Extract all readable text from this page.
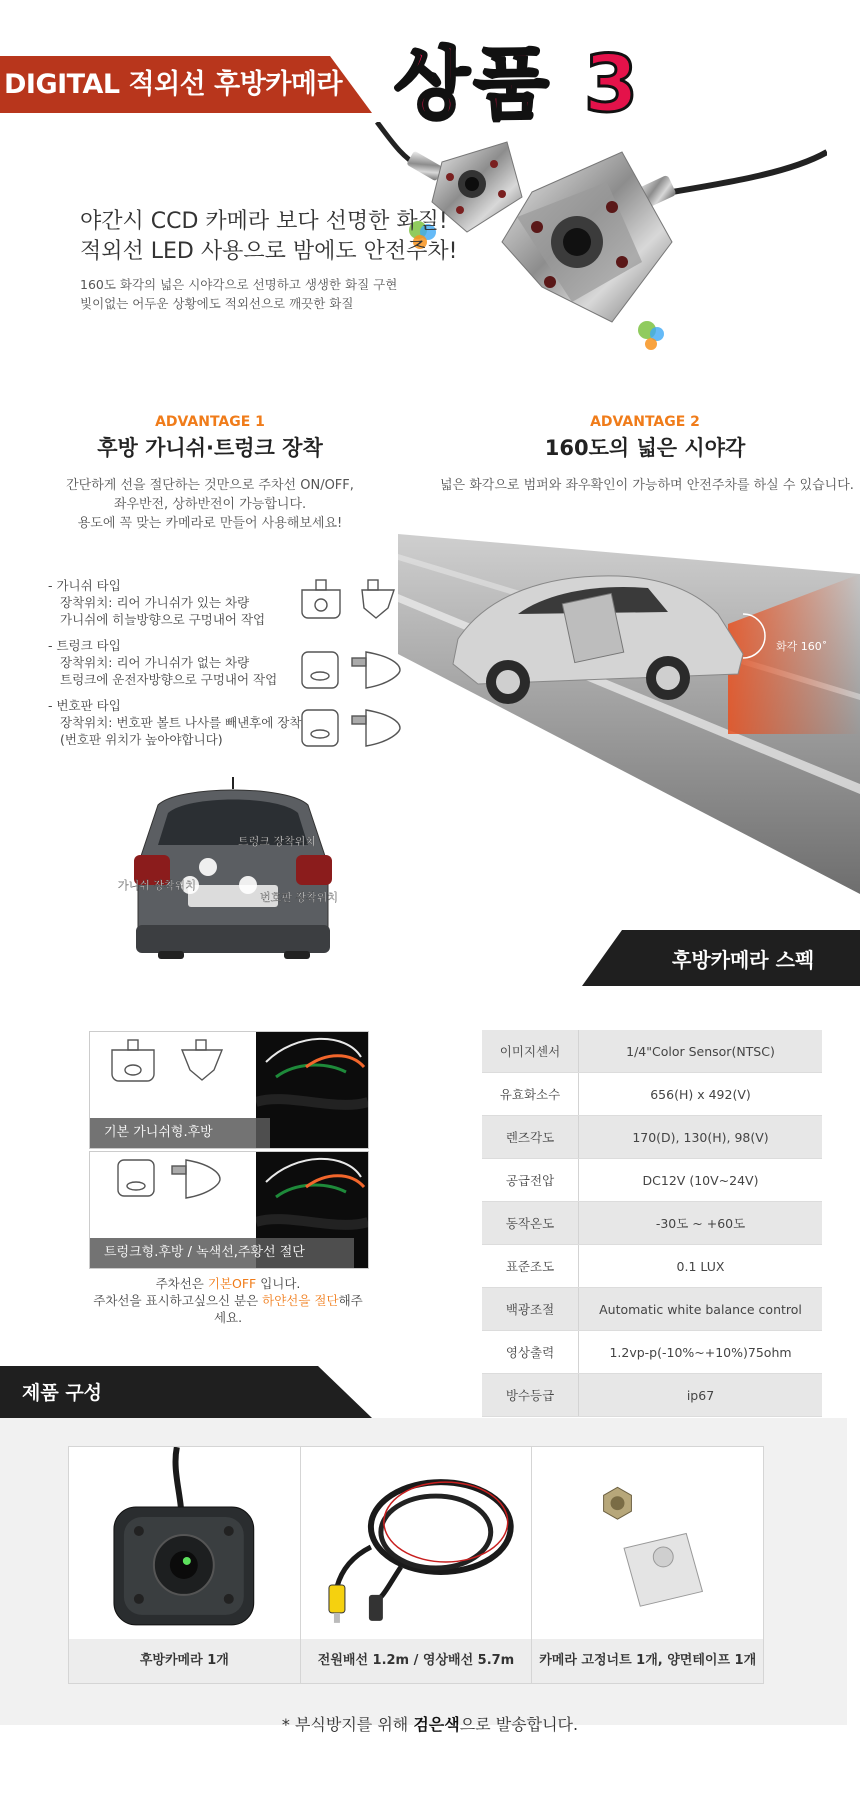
DIGITAL 적외선 후방카메라 상품 3
야간시 CCD 카메라 보다 선명한 화질!
적외선 LED 사용으로 밤에도 안전주차!
160도 화각의 넓은 시야각으로 선명하고 생생한 화질 구현
빛이없는 어두운 상황에도 적외선으로 깨끗한 화질
ADVANTAGE 1
후방 가니쉬·트렁크 장착
간단하게 선을 절단하는 것만으로 주차선 ON/OFF,
좌우반전, 상하반전이 가능합니다.
용도에 꼭 맞는 카메라로 만들어 사용해보세요!
ADVANTAGE 2
160도의 넓은 시야각
넓은 화각으로 범퍼와 좌우확인이 가능하며 안전주차를 하실 수 있습니다.
- 가니쉬 타입
장착위치: 리어 가니쉬가 있는 차량
가니쉬에 히늘방향으로 구멍내어 작업
- 트렁크 타입
장착위치: 리어 가니쉬가 없는 차량
트렁크에 운전자방향으로 구멍내어 작업
- 번호판 타입
장착위치: 번호판 볼트 나사를 빼낸후에 장착
(번호판 위치가 높아야합니다)
화각 160˚
트렁크 장착위치
가니쉬 장착위치
번호판 장착위치
후방카메라 스펙
기본 가니쉬형.후방
트렁크형.후방 / 녹색선,주황선 절단
주차선은 기본OFF 입니다.
주차선을 표시하고싶으신 분은 하얀선을 절단해주세요.
이미지센서	1/4"Color Sensor(NTSC)
유효화소수	656(H) x 492(V)
렌즈각도	170(D), 130(H), 98(V)
공급전압	DC12V (10V~24V)
동작온도	-30도 ~ +60도
표준조도	0.1 LUX
백광조절	Automatic white balance control
영상출력	1.2vp-p(-10%~+10%)75ohm
방수등급	ip67
제품 구성
후방카메라 1개	전원배선 1.2m / 영상배선 5.7m	카메라 고정너트 1개, 양면테이프 1개
* 부식방지를 위해 검은색으로 발송합니다.
